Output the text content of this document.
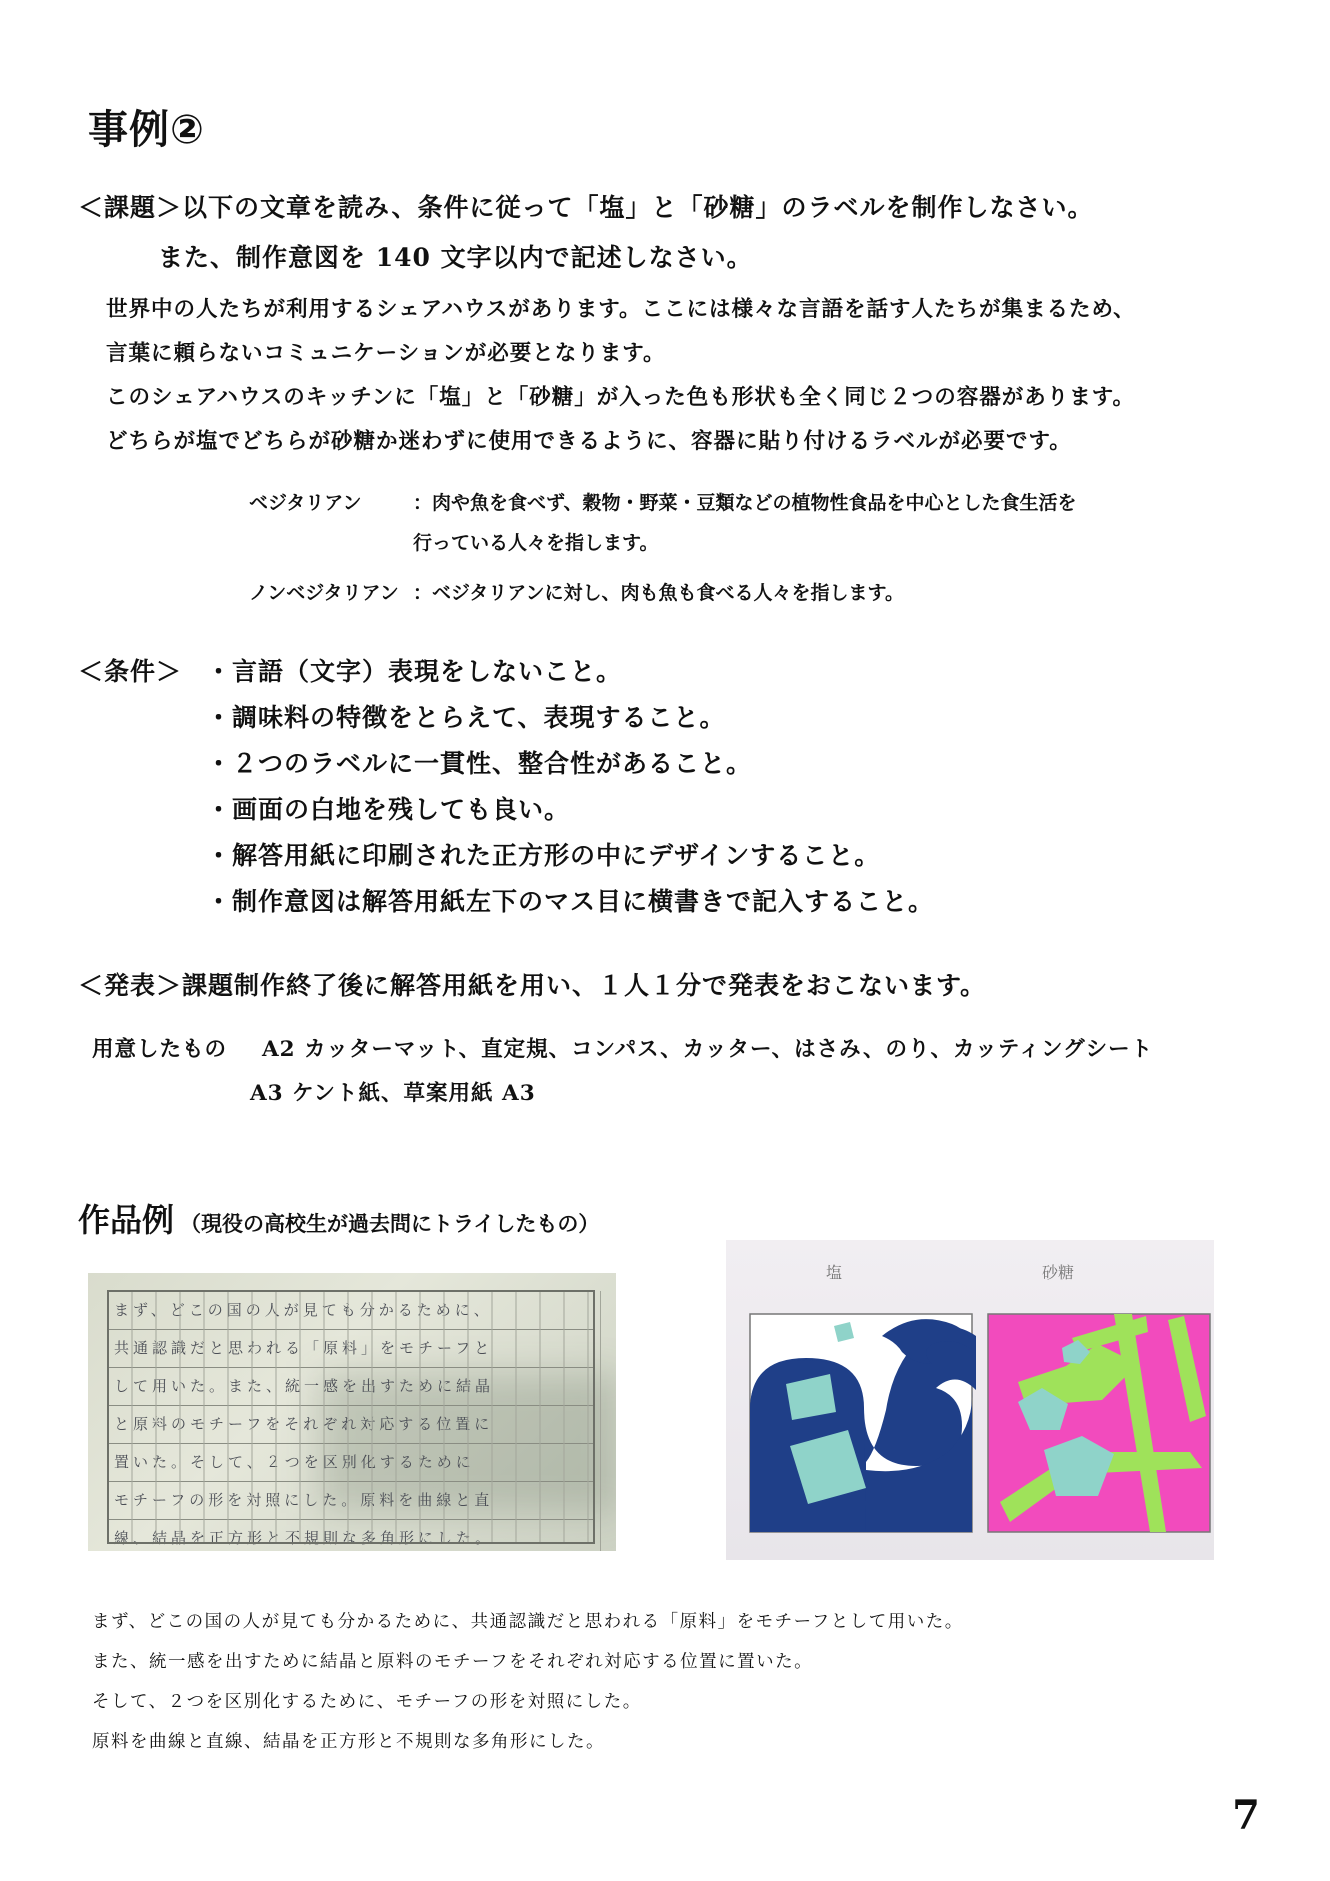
事例②
＜課題＞以下の文章を読み、条件に従って「塩」と「砂糖」のラベルを制作しなさい。
また、制作意図を 140 文字以内で記述しなさい。
世界中の人たちが利用するシェアハウスがあります。ここには様々な言語を話す人たちが集まるため、
言葉に頼らないコミュニケーションが必要となります。
このシェアハウスのキッチンに「塩」と「砂糖」が入った色も形状も全く同じ２つの容器があります。
どちらが塩でどちらが砂糖か迷わずに使用できるように、容器に貼り付けるラベルが必要です。
ベジタリアン	：肉や魚を食べず、穀物・野菜・豆類などの植物性食品を中心とした食生活を
行っている人々を指します。
ノンベジタリアン ：ベジタリアンに対し、肉も魚も食べる人々を指します。
＜条件＞ ・言語（文字）表現をしないこと。
・調味料の特徴をとらえて、表現すること。
・２つのラベルに一貫性、整合性があること。
・画面の白地を残しても良い。
・解答用紙に印刷された正方形の中にデザインすること。
・制作意図は解答用紙左下のマス目に横書きで記入すること。
＜発表＞課題制作終了後に解答用紙を用い、１人１分で発表をおこないます。
用意したもの A2 カッターマット、直定規、コンパス、カッター、はさみ、のり、カッティングシート
A3 ケント紙、草案用紙 A3
作品例 （現役の高校生が過去問にトライしたもの）
まず、どこの国の人が見ても分かるために、
共通認識だと思われる「原料」をモチーフと
して用いた。また、統一感を出すために結晶
と原料のモチーフをそれぞれ対応する位置に
置いた。そして、２つを区別化するために
モチーフの形を対照にした。原料を曲線と直
線、結晶を正方形と不規則な多角形にした。
塩	砂糖
まず、どこの国の人が見ても分かるために、共通認識だと思われる「原料」をモチーフとして用いた。
また、統一感を出すために結晶と原料のモチーフをそれぞれ対応する位置に置いた。
そして、２つを区別化するために、モチーフの形を対照にした。
原料を曲線と直線、結晶を正方形と不規則な多角形にした。
7
